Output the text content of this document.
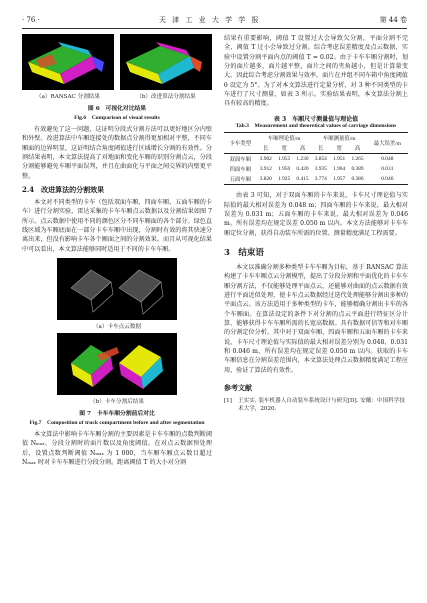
· 76 ·	天 津 工 业 大 学 学 报	第 44 卷
（a）RANSAC 分割结果	（b）改进算法分割结果
图 6　可视化对比结果
Fig.6　Comparison of visual results

有效避免了这一问题，这证明分段式分割方法可以更好地区分内壁和外壁。改进算法中车厢连接处的数据点分割得更加相对平整，不同车厢面的边界明显，这证明结合角度阈值进行区域增长分割的有效性。分割结果表明，本文算法提高了对地面和变化车厢的识别分割点云，分段分割能够避免车厢平面误判，并且在曲面化与平面之间交界的内壁更平整。

2.4　改进算法的分割效果

本文对不同类型的卡车（包括双面车厢、四面车厢、五面车厢的卡车）进行分割实验，雷达采集的卡车车厢点云数据以及分割结果如图 7 所示。点云数据中使用不同的颜色区分不同车厢面的各个部分。绿色直线区域为车厢底面在一部分卡车车厢中出现，分割时有效的将其快速分离出来，但没有影响卡车各个厢面之间的分割效果。而且从可视化结果中可以看出，本文算法能够同时适用于不同的卡车车厢。

（a）卡车点云数据
（b）卡车分割后结果
图 7　卡车车厢分割前后对比
Fig.7　Composition of truck compartment before and after segmentation

本文算法中影响卡车车厢分割的主要因素是卡车车厢的点数判断阈值 Nₘₐₓ、分段分割时的面片数以及角度阈值。在对点云数据预处理后，设置点数判断阈值 Nₘₐₓ 为 1 000，当车厢车厢点云数目超过 Nₘₐₓ 时对卡车车厢进行分段分割。距离阈值 T 的大小对分割

结果有重要影响，阈值 T 设置过大会导致欠分割，平面分割不完全，阈值 T 过小会导致过分割。综合考虑误差精度及点云数据，实验中设置分割平面内点的阈值 T = 0.02。由于卡车车厢分割时，划分的面片越多，面片越平整，面片之间的夹角越小，但是计算量变大。因此综合考虑分割效果与效率，面片在并组不同车箱中角度阈值 θ 设定为 5°。为了对本文算法进行定量分析，对 3 种不同类型的卡车进行了尺寸测量，如表 3 所示。实验结果表明，本文算法分割上具有较高的精度。

表 3　车厢尺寸测量值与理论值
Tab.3　Measurement and theoretical values of carriage dimensions
卡车类型	车厢理论值/m			车厢测量值/m			最大误差/m
	长	宽	高	长	宽	高	
双面车厢	3.902	1.955	1.230	3.854	1.951	1.265	0.048
四面车厢	3.912	1.950	0.420	3.935	1.964	0.389	0.031
五面车厢	3.820	1.925	0.415	3.774	1.957	0.386	0.046

由表 3 可知，对于双面车厢的卡车来说，卡车尺寸理论值与实际值的最大相对误差为 0.048 m；四面车厢的卡车来说，最大相对误差为 0.031 m；五面车厢的卡车来说，最大相对误差为 0.046 m。所有误差均在规定误差 0.050 m 以内。本文方法能够对卡车车厢定位分割，获得自动装车所需的位置、测量精度满足工程需要。

3　结束语

本文以准确分割多种类型卡车车厢为目标，基于 RANSAC 算法构建了卡车车厢点云分割模型，提出了分段分割和平面优化的卡车车厢分割方法，不仅能够处理平面点云，还能够对曲面的点云数据有效进行平面近似处理，使卡车点云数据经过迭代处理能够分割出多种的平面点云。该方法适用于多种类型的卡车，能够精确分割出卡车的各个车厢面。在算法设定的条件下对分割的点云平面进行特征区分计算，能够获得卡车车厢所需的长宽高数据。具有数据可信等和对车厢的分割定位分析。其中对于双面车厢、四面车厢和五面车厢的卡车来说，卡车尺寸理论值与实际值的最大相对误差分别为 0.048、0.031 和 0.046 m，所有误差均在规定误差 0.050 m 以内。获取的卡车车厢信息在分割误差范围内，本文算法处理点云数据精度满足工程应用，验证了算法的有效性。

参考文献
[1]	王实实. 装车机器人自动装车系统设计与研究[D]. 安徽：中国科学技术大学，2020.
